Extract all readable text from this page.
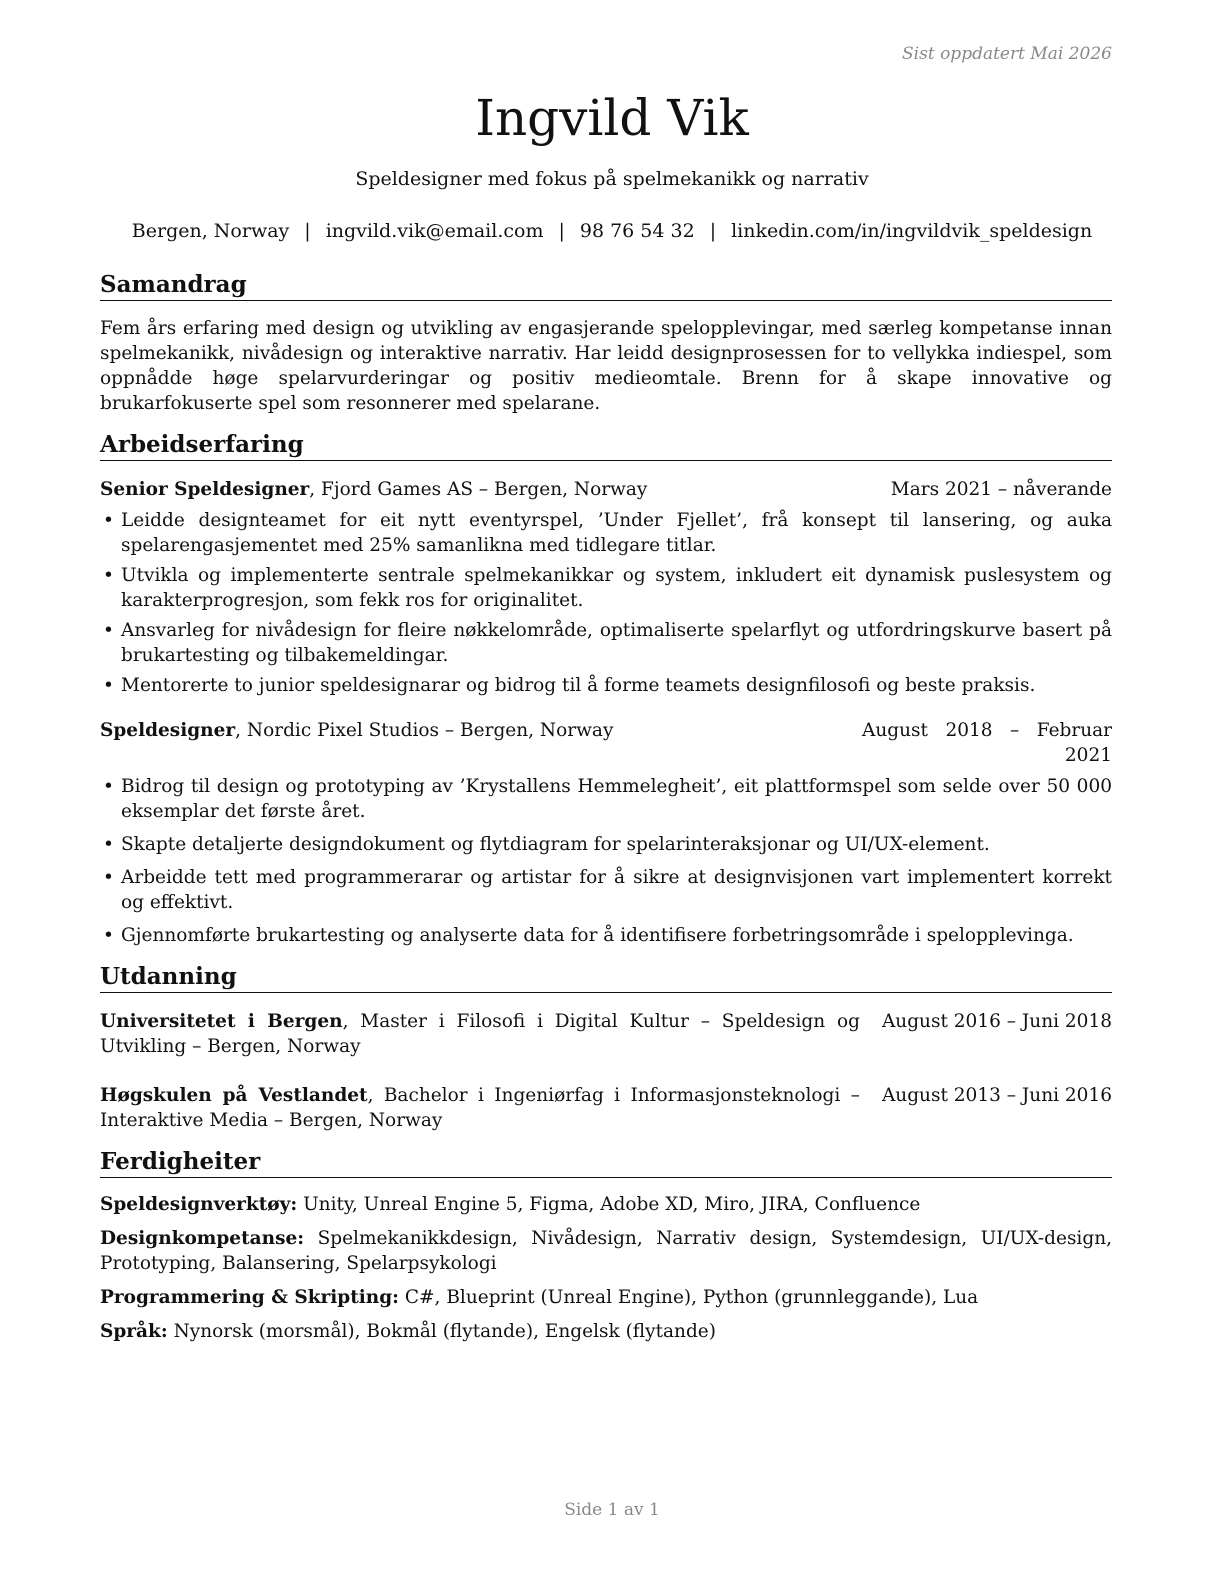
Sist oppdatert Mai 2026
Ingvild Vik
Speldesigner med fokus på spelmekanikk og narrativ
Bergen, Norway | ingvild.vik@email.com | 98 76 54 32 | linkedin.com/in/ingvildvik_speldesign
Samandrag
Fem års erfaring med design og utvikling av engasjerande spelopplevingar, med særleg kompetanse innan spelmekanikk, nivådesign og interaktive narrativ. Har leidd designprosessen for to vellykka indiespel, som oppnådde høge spelarvurderingar og positiv medieomtale. Brenn for å skape innovative og brukarfokuserte spel som resonnerer med spelarane.
Arbeidserfaring
Senior Speldesigner, Fjord Games AS – Bergen, Norway	Mars 2021 – nåverande
• Leidde designteamet for eit nytt eventyrspel, ’Under Fjellet’, frå konsept til lansering, og auka spelarengasjementet med 25% samanlikna med tidlegare titlar.
• Utvikla og implementerte sentrale spelmekanikkar og system, inkludert eit dynamisk puslesystem og karakterprogresjon, som fekk ros for originalitet.
• Ansvarleg for nivådesign for fleire nøkkelområde, optimaliserte spelarflyt og utfordringskurve basert på brukartesting og tilbakemeldingar.
• Mentorerte to junior speldesignarar og bidrog til å forme teamets designfilosofi og beste praksis.
Speldesigner, Nordic Pixel Studios – Bergen, Norway	August 2018 – Februar 2021
• Bidrog til design og prototyping av ’Krystallens Hemmelegheit’, eit plattformspel som selde over 50 000 eksemplar det første året.
• Skapte detaljerte designdokument og flytdiagram for spelarinteraksjonar og UI/UX-element.
• Arbeidde tett med programmerarar og artistar for å sikre at designvisjonen vart implementert korrekt og effektivt.
• Gjennomførte brukartesting og analyserte data for å identifisere forbetringsområde i spelopplevinga.
Utdanning
Universitetet i Bergen, Master i Filosofi i Digital Kultur – Speldesign og Utvikling – Bergen, Norway
August 2016 – Juni 2018
Høgskulen på Vestlandet, Bachelor i Ingeniørfag i Informasjonsteknologi – Interaktive Media – Bergen, Norway
August 2013 – Juni 2016
Ferdigheiter
Speldesignverktøy: Unity, Unreal Engine 5, Figma, Adobe XD, Miro, JIRA, Confluence
Designkompetanse: Spelmekanikkdesign, Nivådesign, Narrativ design, Systemdesign, UI/UX-design, Prototyping, Balansering, Spelarpsykologi
Programmering & Skripting: C#, Blueprint (Unreal Engine), Python (grunnleggande), Lua
Språk: Nynorsk (morsmål), Bokmål (flytande), Engelsk (flytande)
Side 1 av 1
